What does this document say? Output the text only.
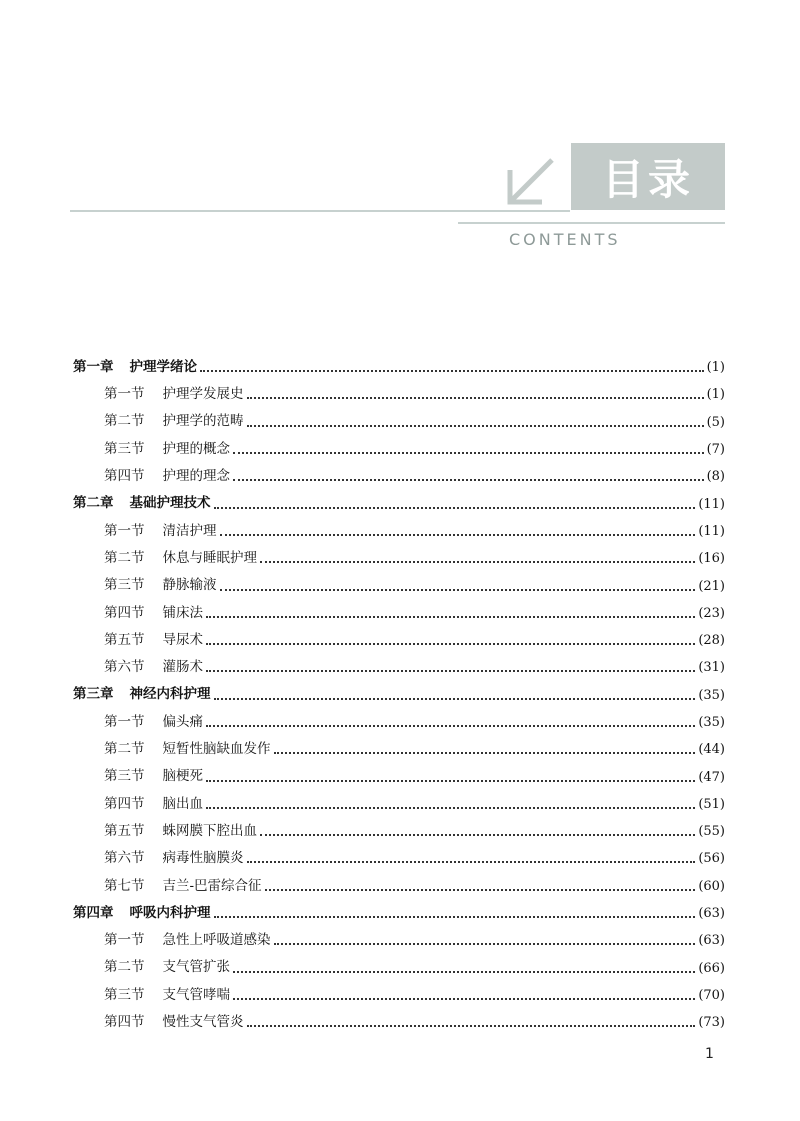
目录
CONTENTS
第一章 护理学绪论	(1)
第一节 护理学发展史	(1)
第二节 护理学的范畴	(5)
第三节 护理的概念	(7)
第四节 护理的理念	(8)
第二章 基础护理技术	(11)
第一节 清洁护理	(11)
第二节 休息与睡眠护理	(16)
第三节 静脉输液	(21)
第四节 铺床法	(23)
第五节 导尿术	(28)
第六节 灌肠术	(31)
第三章 神经内科护理	(35)
第一节 偏头痛	(35)
第二节 短暂性脑缺血发作	(44)
第三节 脑梗死	(47)
第四节 脑出血	(51)
第五节 蛛网膜下腔出血	(55)
第六节 病毒性脑膜炎	(56)
第七节 吉兰-巴雷综合征	(60)
第四章 呼吸内科护理	(63)
第一节 急性上呼吸道感染	(63)
第二节 支气管扩张	(66)
第三节 支气管哮喘	(70)
第四节 慢性支气管炎	(73)
1
